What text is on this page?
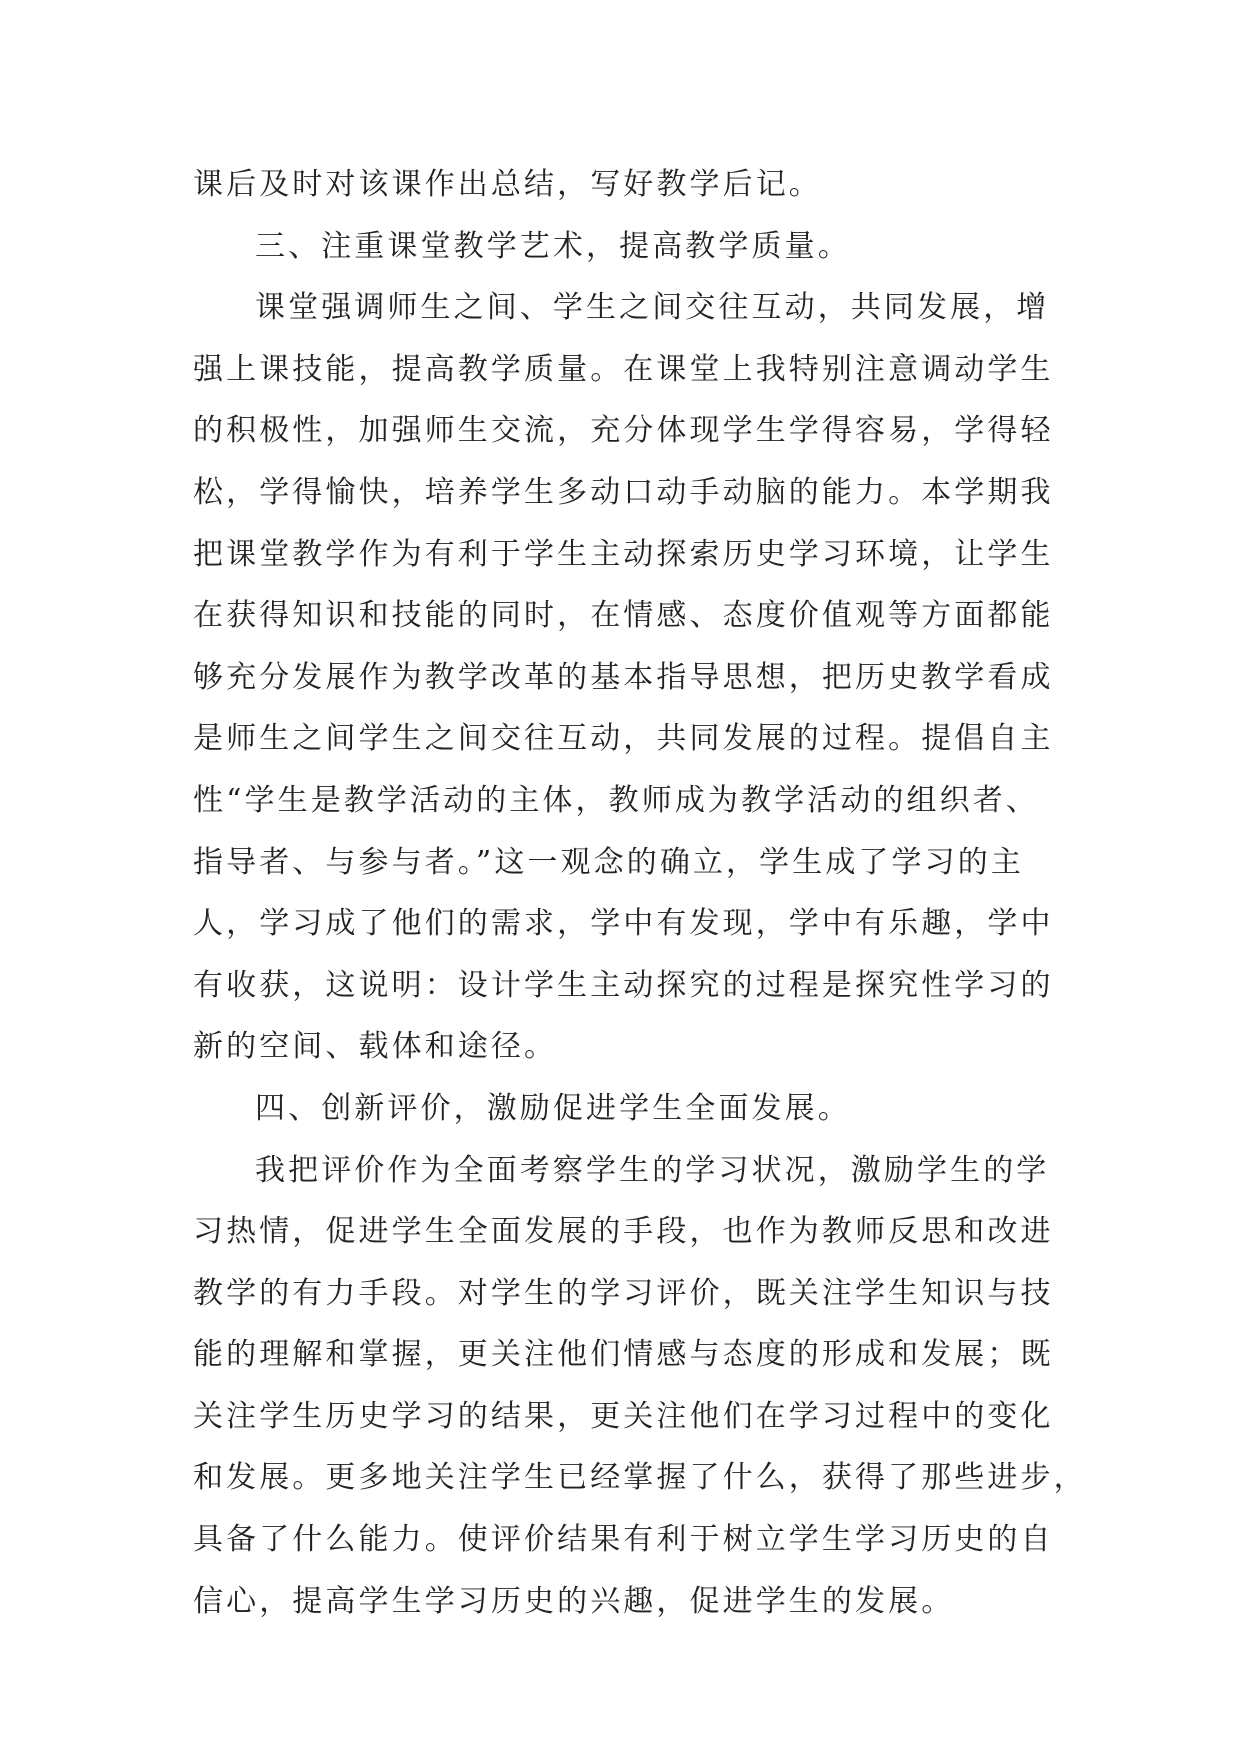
课后及时对该课作出总结，写好教学后记。
三、注重课堂教学艺术，提高教学质量。
课堂强调师生之间、学生之间交往互动，共同发展，增
强上课技能，提高教学质量。在课堂上我特别注意调动学生
的积极性，加强师生交流，充分体现学生学得容易，学得轻
松，学得愉快，培养学生多动口动手动脑的能力。本学期我
把课堂教学作为有利于学生主动探索历史学习环境，让学生
在获得知识和技能的同时，在情感、态度价值观等方面都能
够充分发展作为教学改革的基本指导思想，把历史教学看成
是师生之间学生之间交往互动，共同发展的过程。提倡自主
性“学生是教学活动的主体，教师成为教学活动的组织者、
指导者、与参与者。”这一观念的确立，学生成了学习的主
人，学习成了他们的需求，学中有发现，学中有乐趣，学中
有收获，这说明：设计学生主动探究的过程是探究性学习的
新的空间、载体和途径。
四、创新评价，激励促进学生全面发展。
我把评价作为全面考察学生的学习状况，激励学生的学
习热情，促进学生全面发展的手段，也作为教师反思和改进
教学的有力手段。对学生的学习评价，既关注学生知识与技
能的理解和掌握，更关注他们情感与态度的形成和发展；既
关注学生历史学习的结果，更关注他们在学习过程中的变化
和发展。更多地关注学生已经掌握了什么，获得了那些进步，
具备了什么能力。使评价结果有利于树立学生学习历史的自
信心，提高学生学习历史的兴趣，促进学生的发展。
